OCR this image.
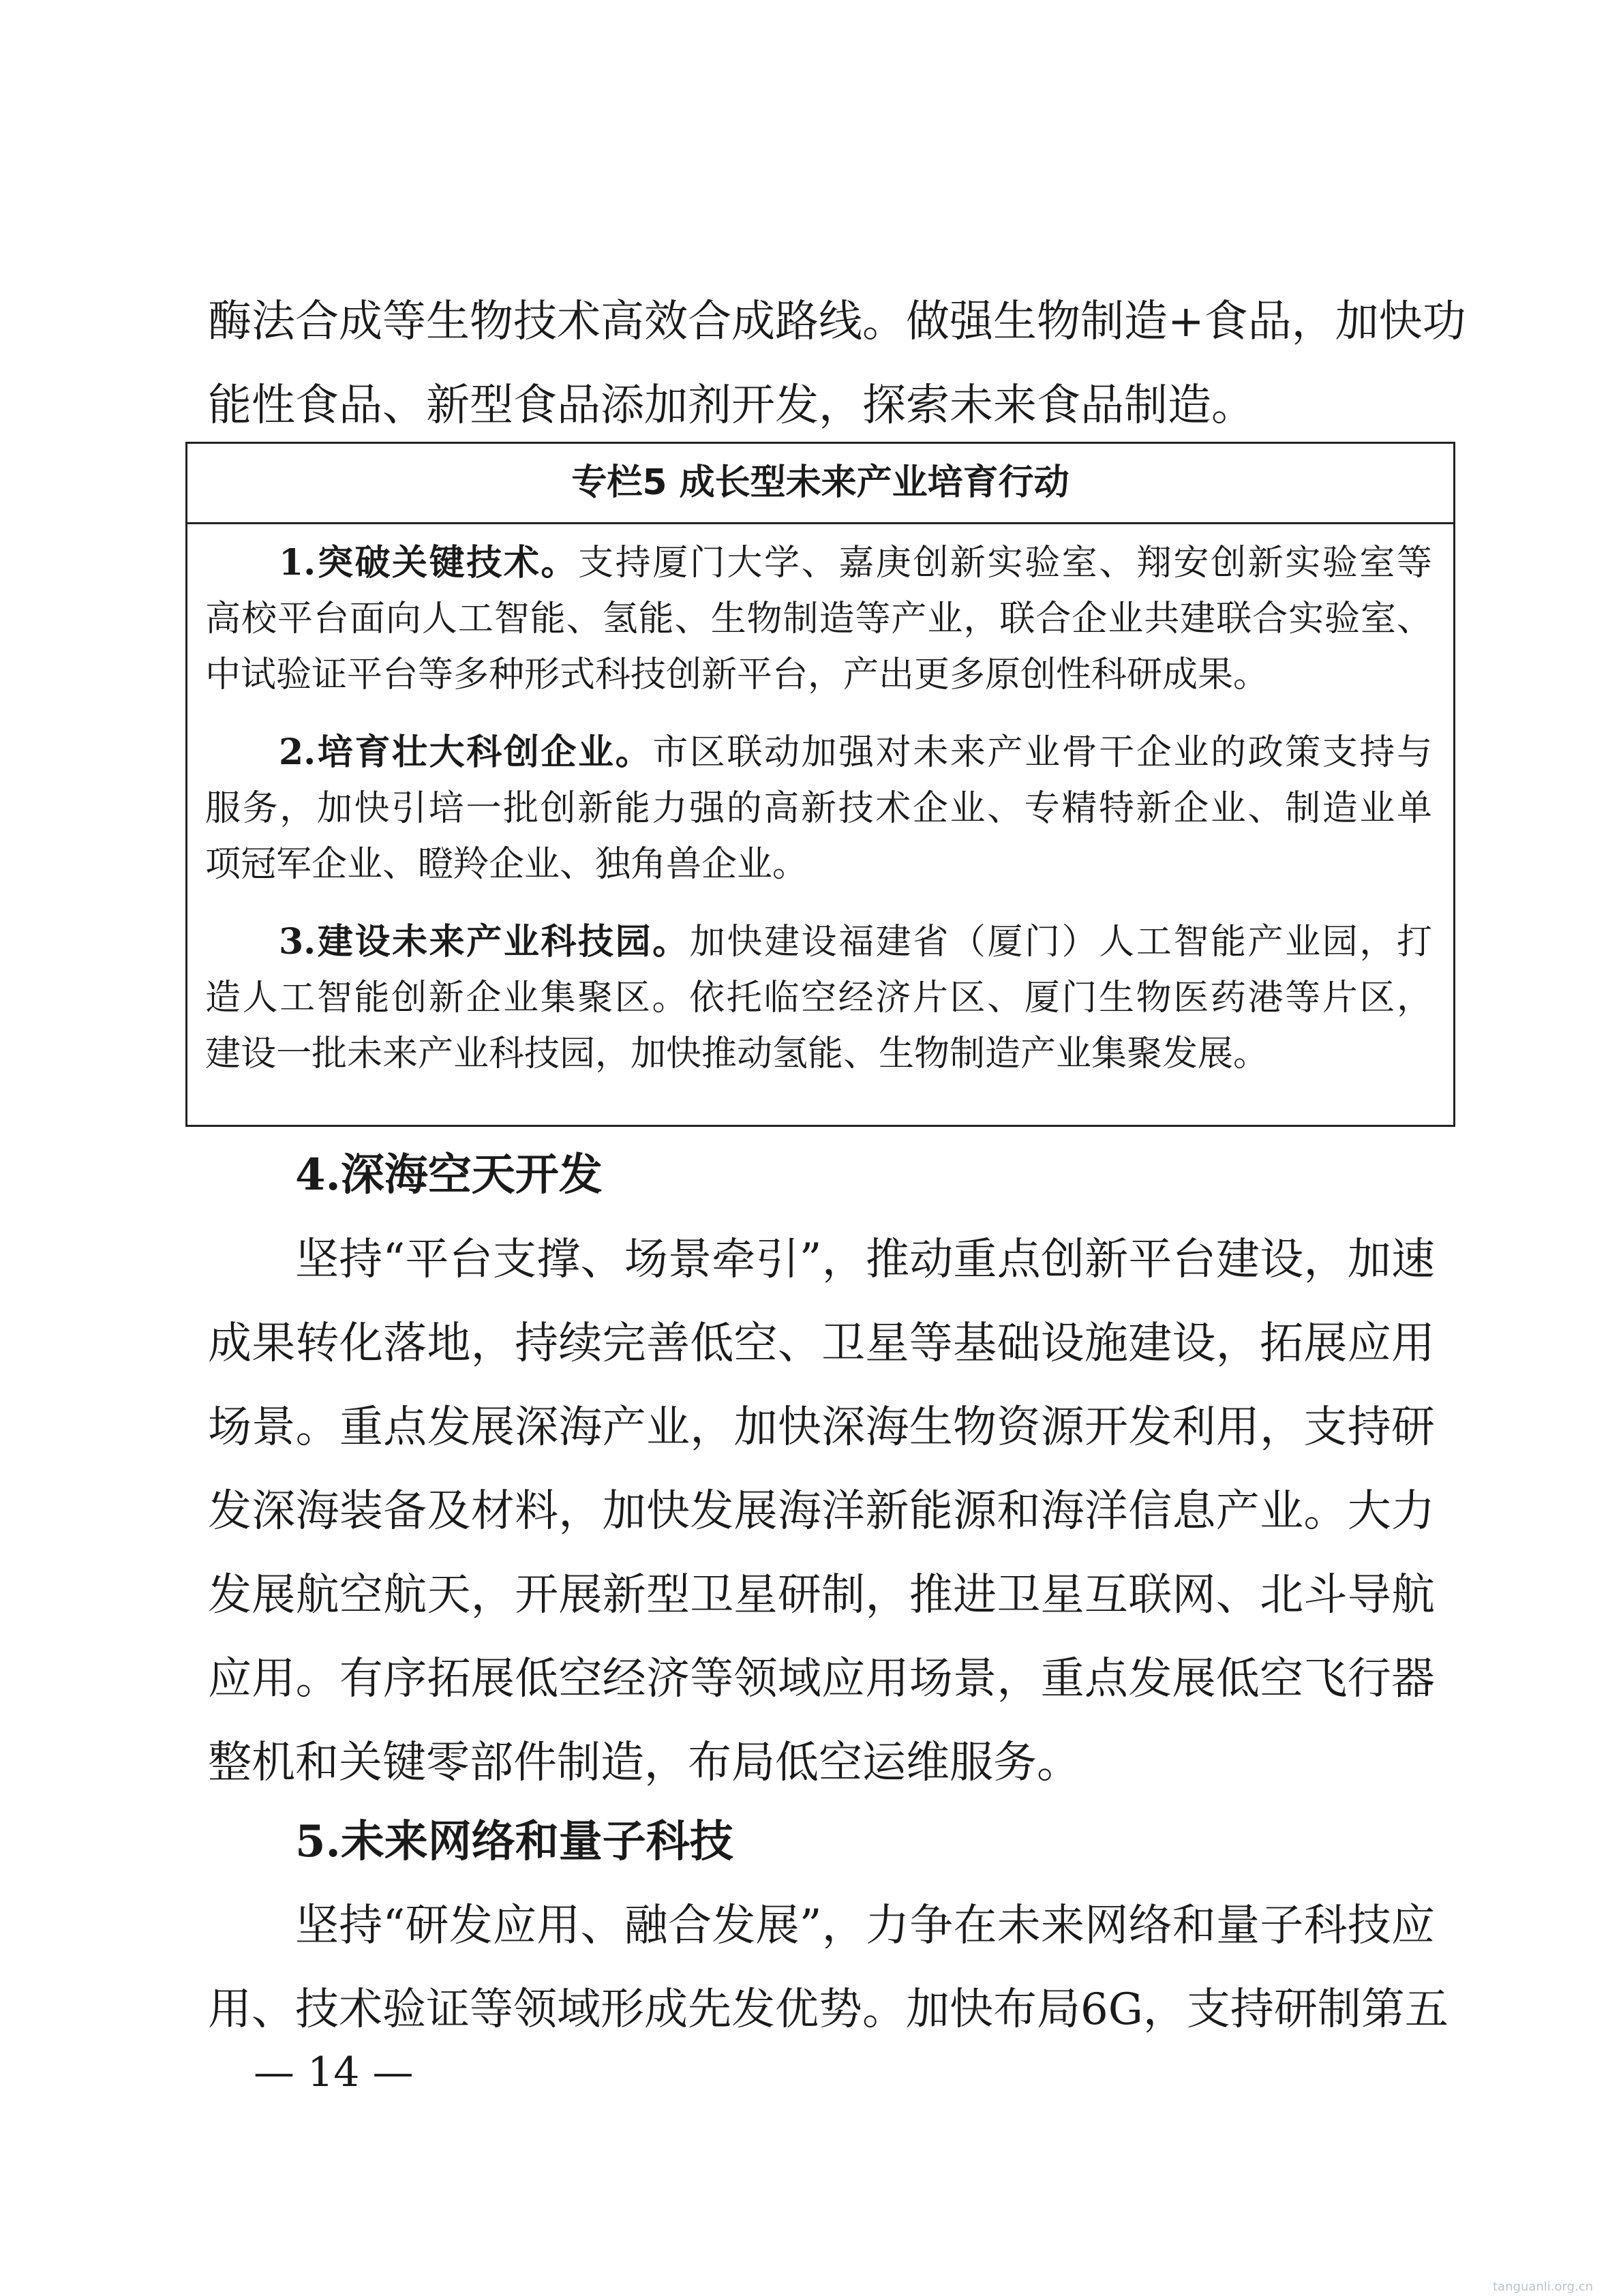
酶法合成等生物技术高效合成路线。做强生物制造+食品，加快功
能性食品、新型食品添加剂开发，探索未来食品制造。
专栏5 成长型未来产业培育行动
1.突破关键技术。支持厦门大学、嘉庚创新实验室、翔安创新实验室等
高校平台面向人工智能、氢能、生物制造等产业，联合企业共建联合实验室、
中试验证平台等多种形式科技创新平台，产出更多原创性科研成果。
2.培育壮大科创企业。市区联动加强对未来产业骨干企业的政策支持与
服务，加快引培一批创新能力强的高新技术企业、专精特新企业、制造业单
项冠军企业、瞪羚企业、独角兽企业。
3.建设未来产业科技园。加快建设福建省（厦门）人工智能产业园，打
造人工智能创新企业集聚区。依托临空经济片区、厦门生物医药港等片区，
建设一批未来产业科技园，加快推动氢能、生物制造产业集聚发展。
4.深海空天开发
坚持“平台支撑、场景牵引”，推动重点创新平台建设，加速
成果转化落地，持续完善低空、卫星等基础设施建设，拓展应用
场景。重点发展深海产业，加快深海生物资源开发利用，支持研
发深海装备及材料，加快发展海洋新能源和海洋信息产业。大力
发展航空航天，开展新型卫星研制，推进卫星互联网、北斗导航
应用。有序拓展低空经济等领域应用场景，重点发展低空飞行器
整机和关键零部件制造，布局低空运维服务。
5.未来网络和量子科技
坚持“研发应用、融合发展”，力争在未来网络和量子科技应
用、技术验证等领域形成先发优势。加快布局6G，支持研制第五
— 14 —
tanguanli.org.cn
